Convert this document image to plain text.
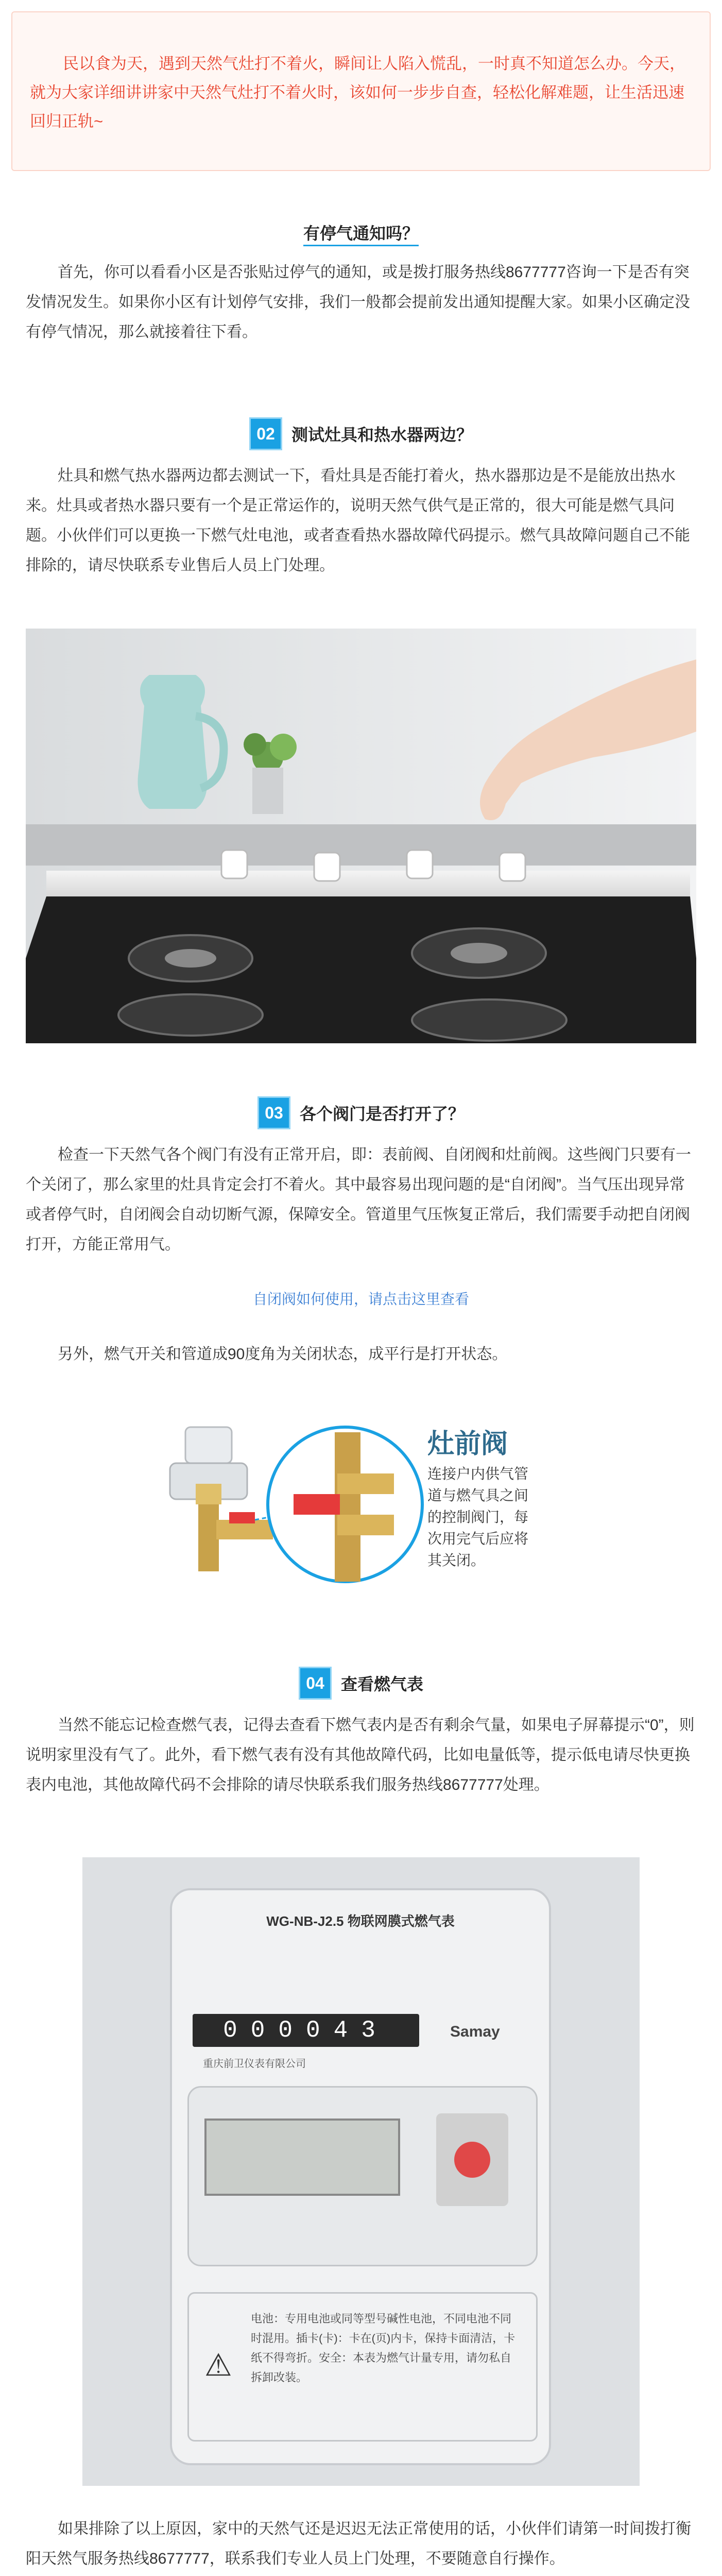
民以食为天，遇到天然气灶打不着火，瞬间让人陷入慌乱，一时真不知道怎么办。今天，就为大家详细讲讲家中天然气灶打不着火时，该如何一步步自查，轻松化解难题，让生活迅速回归正轨~
有停气通知吗？
首先，你可以看看小区是否张贴过停气的通知，或是拨打服务热线8677777咨询一下是否有突发情况发生。如果你小区有计划停气安排，我们一般都会提前发出通知提醒大家。如果小区确定没有停气情况，那么就接着往下看。
02 测试灶具和热水器两边？
灶具和燃气热水器两边都去测试一下，看灶具是否能打着火，热水器那边是不是能放出热水来。灶具或者热水器只要有一个是正常运作的，说明天然气供气是正常的，很大可能是燃气具问题。小伙伴们可以更换一下燃气灶电池，或者查看热水器故障代码提示。燃气具故障问题自己不能排除的，请尽快联系专业售后人员上门处理。
03 各个阀门是否打开了？
检查一下天然气各个阀门有没有正常开启，即：表前阀、自闭阀和灶前阀。这些阀门只要有一个关闭了，那么家里的灶具肯定会打不着火。其中最容易出现问题的是“自闭阀”。当气压出现异常或者停气时，自闭阀会自动切断气源，保障安全。管道里气压恢复正常后，我们需要手动把自闭阀打开，方能正常用气。
自闭阀如何使用，请点击这里查看
另外，燃气开关和管道成90度角为关闭状态，成平行是打开状态。
灶前阀
连接户内供气管道与燃气具之间的控制阀门，每次用完气后应将其关闭。
04 查看燃气表
当然不能忘记检查燃气表，记得去查看下燃气表内是否有剩余气量，如果电子屏幕提示“0”，则说明家里没有气了。此外，看下燃气表有没有其他故障代码，比如电量低等，提示低电请尽快更换表内电池，其他故障代码不会排除的请尽快联系我们服务热线8677777处理。
WG-NB-J2.5 物联网膜式燃气表
000043	Samay
重庆前卫仪表有限公司
⚠
电池：专用电池或同等型号碱性电池，不同电池不同时混用。插卡(卡)：卡在(页)内卡，保持卡面清洁，卡纸不得弯折。安全：本表为燃气计量专用，请勿私自拆卸改装。
如果排除了以上原因，家中的天然气还是迟迟无法正常使用的话，小伙伴们请第一时间拨打衡阳天然气服务热线8677777，联系我们专业人员上门处理，不要随意自行操作。
